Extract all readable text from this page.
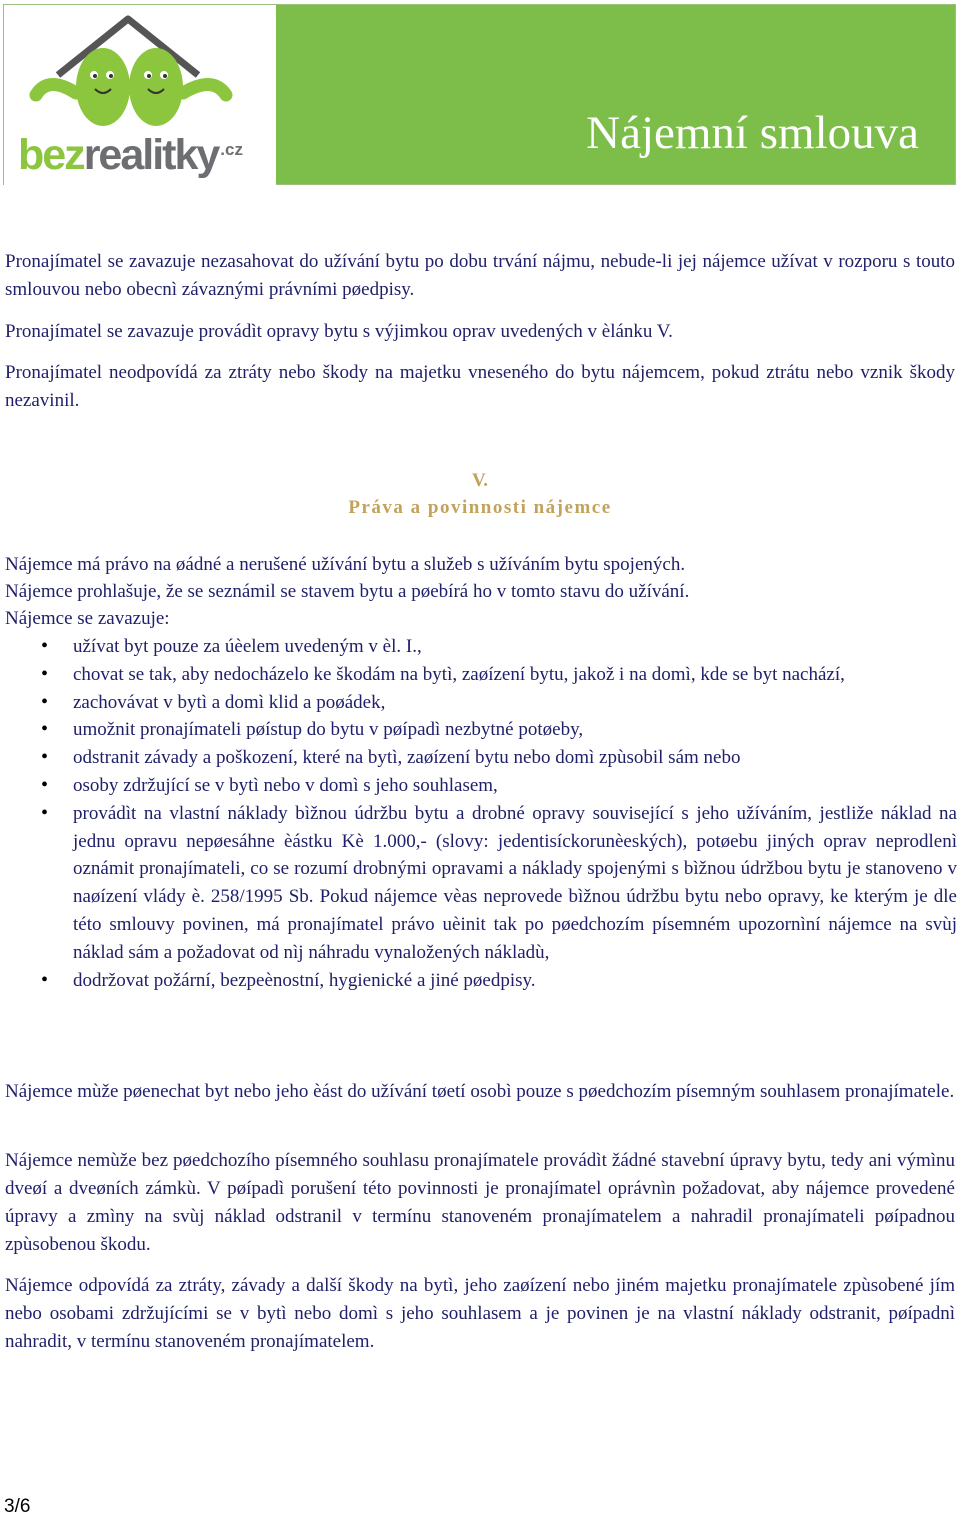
bezrealitky $^{.cz}$	Nájemní smlouva

Pronajímatel se zavazuje nezasahovat do užívání bytu po dobu trvání nájmu, nebude-li jej nájemce užívat v rozporu s touto smlouvou nebo obecnì závaznými právními pøedpisy.

Pronajímatel se zavazuje provádìt opravy bytu s výjimkou oprav uvedených v èlánku V.

Pronajímatel neodpovídá za ztráty nebo škody na majetku vneseného do bytu nájemcem, pokud ztrátu nebo vznik škody nezavinil.

V.
Práva a povinnosti nájemce

Nájemce má právo na øádné a nerušené užívání bytu a služeb s užíváním bytu spojených.

Nájemce prohlašuje, že se seznámil se stavem bytu a pøebírá ho v tomto stavu do užívání.

Nájemce se zavazuje:

• užívat byt pouze za úèelem uvedeným v èl. I.,
• chovat se tak, aby nedocházelo ke škodám na bytì, zaøízení bytu, jakož i na domì, kde se byt nachází,
• zachovávat v bytì a domì klid a poøádek,
• umožnit pronajímateli pøístup do bytu v pøípadì nezbytné potøeby,
• odstranit závady a poškození, které na bytì, zaøízení bytu nebo domì zpùsobil sám nebo
• osoby zdržující se v bytì nebo v domì s jeho souhlasem,
• provádìt na vlastní náklady bìžnou údržbu bytu a drobné opravy související s jeho užíváním, jestliže náklad na jednu opravu nepøesáhne èástku Kè 1.000,- (slovy: jedentisíckorunèeských), potøebu jiných oprav neprodlenì oznámit pronajímateli, co se rozumí drobnými opravami a náklady spojenými s bìžnou údržbou bytu je stanoveno v naøízení vlády è. 258/1995 Sb. Pokud nájemce vèas neprovede bìžnou údržbu bytu nebo opravy, ke kterým je dle této smlouvy povinen, má pronajímatel právo uèinit tak po pøedchozím písemném upozornìní nájemce na svùj náklad sám a požadovat od nìj náhradu vynaložených nákladù,
• dodržovat požární, bezpeènostní, hygienické a jiné pøedpisy.

Nájemce mùže pøenechat byt nebo jeho èást do užívání tøetí osobì pouze s pøedchozím písemným souhlasem pronajímatele.

Nájemce nemùže bez pøedchozího písemného souhlasu pronajímatele provádìt žádné stavební úpravy bytu, tedy ani výmìnu dveøí a dveøních zámkù. V pøípadì porušení této povinnosti je pronajímatel oprávnìn požadovat, aby nájemce provedené úpravy a zmìny na svùj náklad odstranil v termínu stanoveném pronajímatelem a nahradil pronajímateli pøípadnou zpùsobenou škodu.

Nájemce odpovídá za ztráty, závady a další škody na bytì, jeho zaøízení nebo jiném majetku pronajímatele zpùsobené jím nebo osobami zdržujícími se v bytì nebo domì s jeho souhlasem a je povinen je na vlastní náklady odstranit, pøípadnì nahradit, v termínu stanoveném pronajímatelem.

3/6
